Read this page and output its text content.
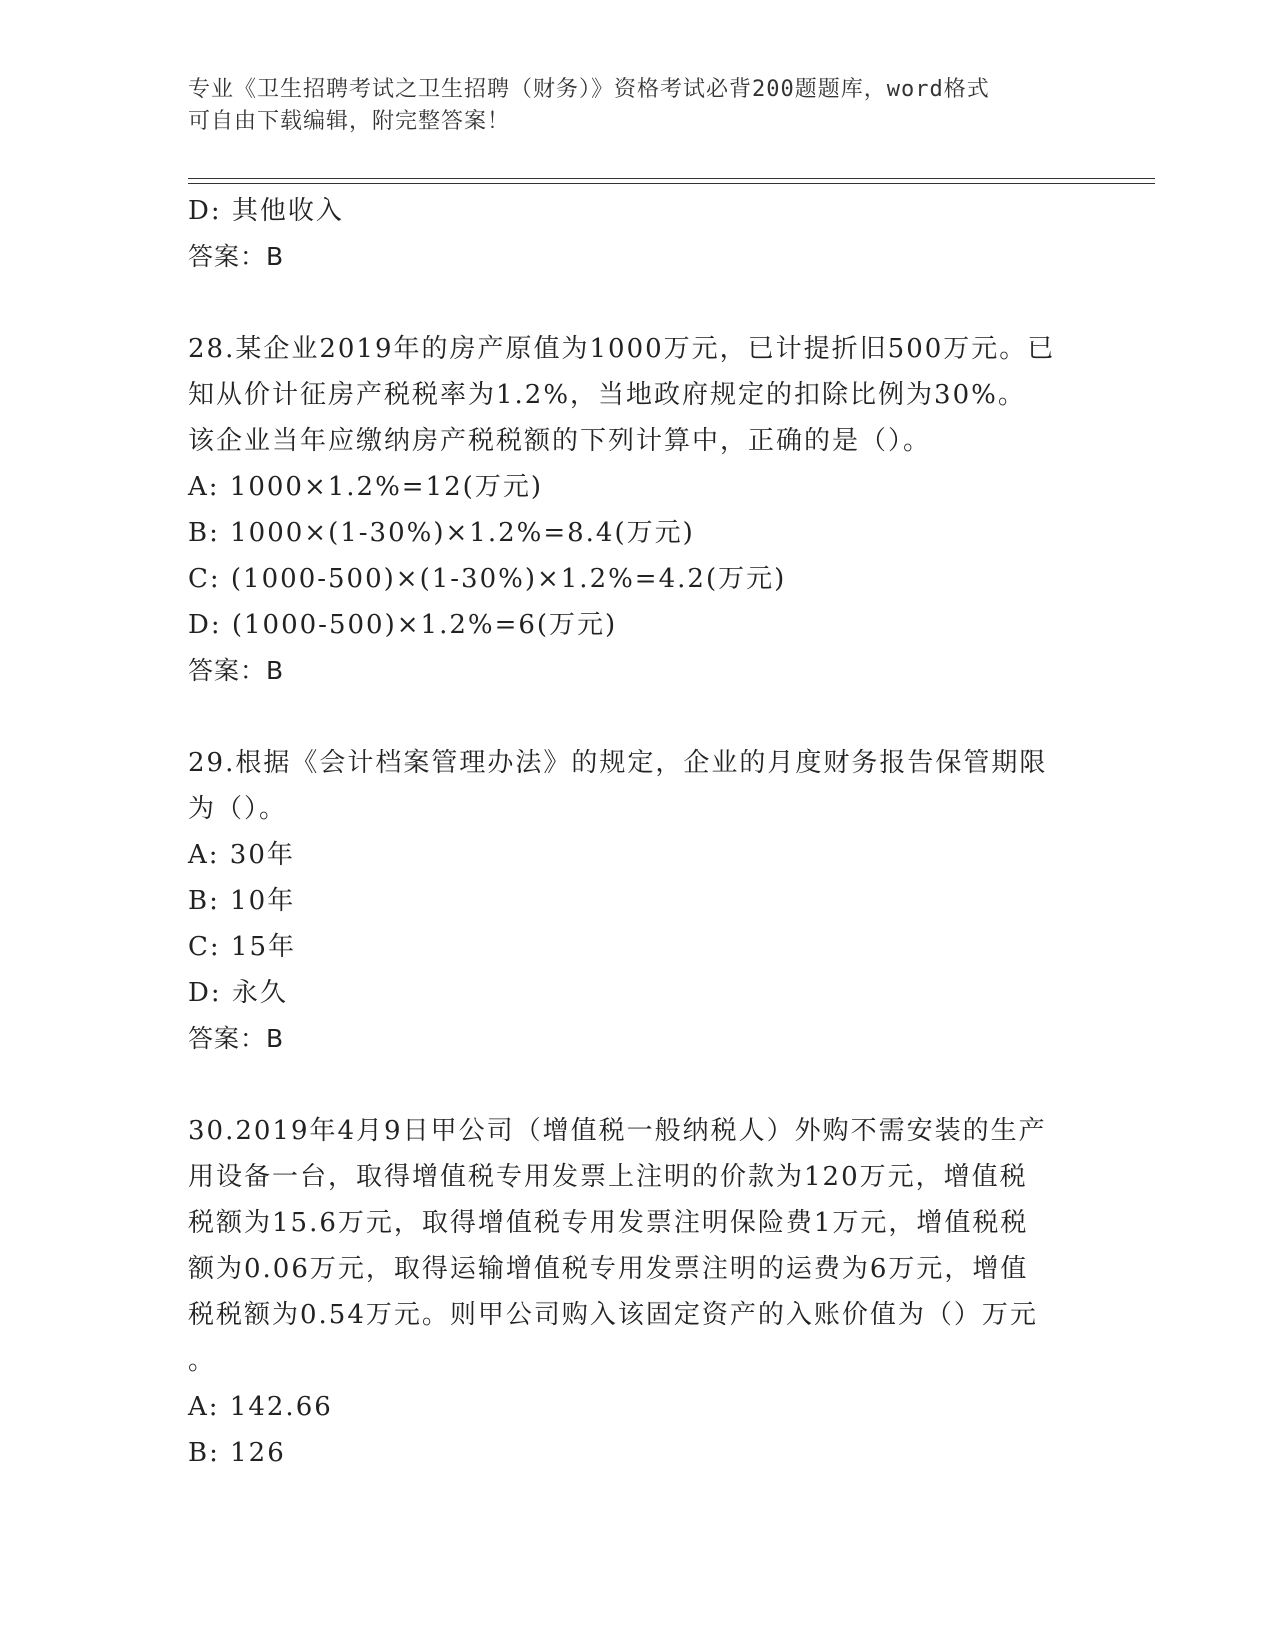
专业《卫生招聘考试之卫生招聘（财务）》资格考试必背200题题库，word格式
可自由下载编辑，附完整答案！
D: 其他收入
答案：B
28.某企业2019年的房产原值为1000万元，已计提折旧500万元。已
知从价计征房产税税率为1.2%，当地政府规定的扣除比例为30%。
该企业当年应缴纳房产税税额的下列计算中，正确的是（）。
A: 1000×1.2%=12(万元)
B: 1000×(1-30%)×1.2%=8.4(万元)
C: (1000-500)×(1-30%)×1.2%=4.2(万元)
D: (1000-500)×1.2%=6(万元)
答案：B
29.根据《会计档案管理办法》的规定，企业的月度财务报告保管期限
为（）。
A: 30年
B: 10年
C: 15年
D: 永久
答案：B
30.2019年4月9日甲公司（增值税一般纳税人）外购不需安装的生产
用设备一台，取得增值税专用发票上注明的价款为120万元，增值税
税额为15.6万元，取得增值税专用发票注明保险费1万元，增值税税
额为0.06万元，取得运输增值税专用发票注明的运费为6万元，增值
税税额为0.54万元。则甲公司购入该固定资产的入账价值为（）万元
。
A: 142.66
B: 126
